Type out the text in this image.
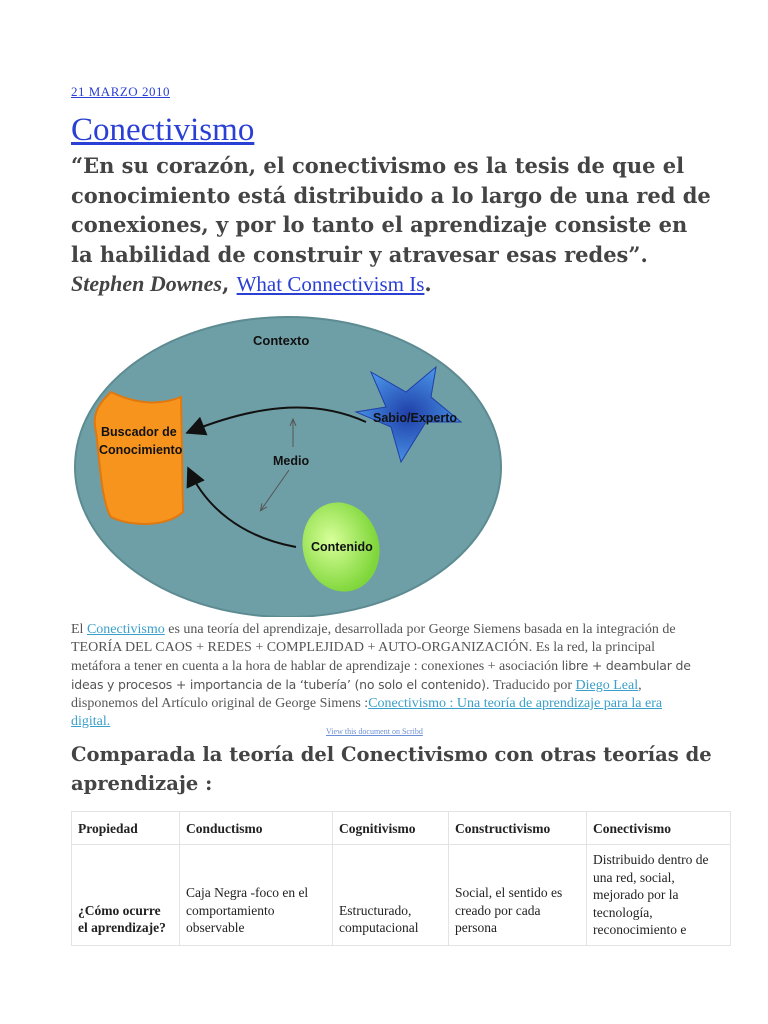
21 MARZO 2010
Conectivismo
“En su corazón, el conectivismo es la tesis de que el conocimiento está distribuido a lo largo de una red de conexiones, y por lo tanto el aprendizaje consiste en la habilidad de construir y atravesar esas redes”. Stephen Downes, What Connectivism Is.
Contexto
Buscador de
Conocimiento
Sabio/Experto
Medio
Contenido
El Conectivismo es una teoría del aprendizaje, desarrollada por George Siemens basada en la integración de TEORÍA DEL CAOS + REDES + COMPLEJIDAD + AUTO-ORGANIZACIÓN. Es la red, la principal metáfora a tener en cuenta a la hora de hablar de aprendizaje : conexiones + asociación libre + deambular de ideas y procesos + importancia de la ‘tubería’ (no solo el contenido). Traducido por Diego Leal, disponemos del Artículo original de George Simens :Conectivismo : Una teoría de aprendizaje para la era digital.
View this document on Scribd
Comparada la teoría del Conectivismo con otras teorías de aprendizaje :
Propiedad	Conductismo	Cognitivismo	Constructivismo	Conectivismo
¿Cómo ocurre el aprendizaje?	Caja Negra -foco en el comportamiento observable	Estructurado, computacional	Social, el sentido es creado por cada persona	Distribuido dentro de una red, social, mejorado por la tecnología, reconocimiento e
